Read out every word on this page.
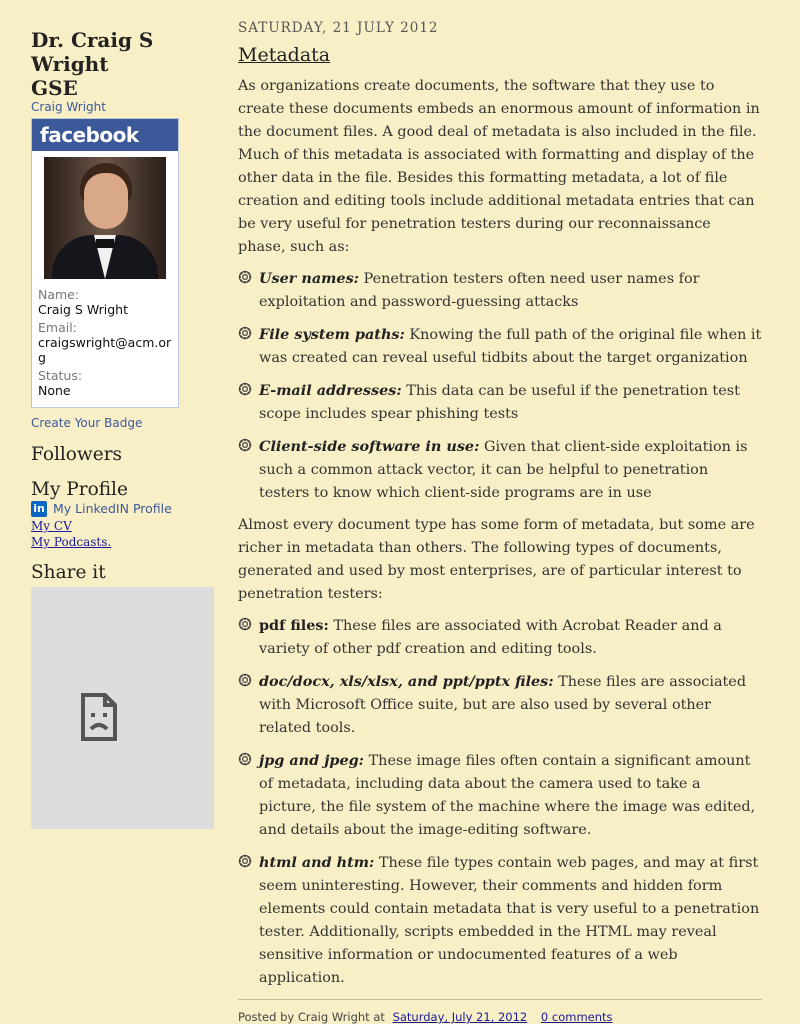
Dr. Craig S Wright
GSE
Craig Wright
facebook
Name:
Craig S Wright
Email:
craigswright@acm.org
Status:
None
Create Your Badge
Followers
My Profile
in My LinkedIN Profile
My CV
My Podcasts.
Share it
SATURDAY, 21 JULY 2012
Metadata

As organizations create documents, the software that they use to create these documents embeds an enormous amount of information in the document files. A good deal of metadata is also included in the file. Much of this metadata is associated with formatting and display of the other data in the file. Besides this formatting metadata, a lot of file creation and editing tools include additional metadata entries that can be very useful for penetration testers during our reconnaissance phase, such as:

User names: Penetration testers often need user names for exploitation and password-guessing attacks
File system paths: Knowing the full path of the original file when it was created can reveal useful tidbits about the target organization
E-mail addresses: This data can be useful if the penetration test scope includes spear phishing tests
Client-side software in use: Given that client-side exploitation is such a common attack vector, it can be helpful to penetration testers to know which client-side programs are in use

Almost every document type has some form of metadata, but some are richer in metadata than others. The following types of documents, generated and used by most enterprises, are of particular interest to penetration testers:

pdf files: These files are associated with Acrobat Reader and a variety of other pdf creation and editing tools.
doc/docx, xls/xlsx, and ppt/pptx files: These files are associated with Microsoft Office suite, but are also used by several other related tools.
jpg and jpeg: These image files often contain a significant amount of metadata, including data about the camera used to take a picture, the file system of the machine where the image was edited, and details about the image-editing software.
html and htm: These file types contain web pages, and may at first seem uninteresting. However, their comments and hidden form elements could contain metadata that is very useful to a penetration tester. Additionally, scripts embedded in the HTML may reveal sensitive information or undocumented features of a web application.
Posted by Craig Wright at Saturday, July 21, 2012 0 comments
